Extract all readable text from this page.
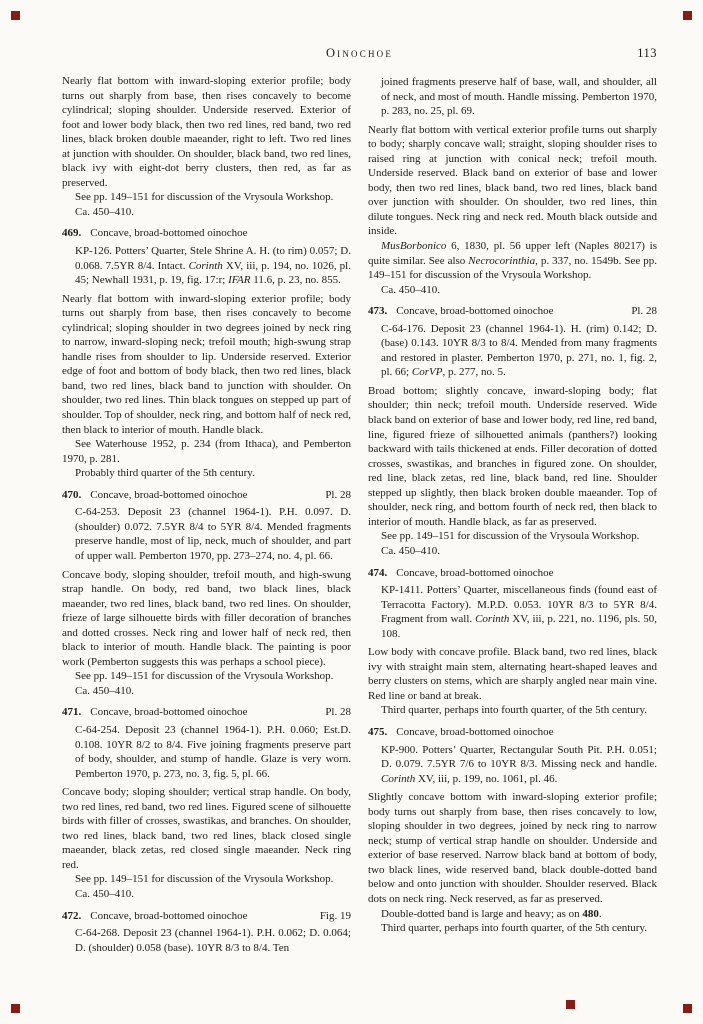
Oinochoe	113

Nearly flat bottom with inward-sloping exterior profile; body turns out sharply from base, then rises concavely to become cylindrical; sloping shoulder. Underside reserved. Exterior of foot and lower body black, then two red lines, red band, two red lines, black broken double maeander, right to left. Two red lines at junction with shoulder. On shoulder, black band, two red lines, black ivy with eight-dot berry clusters, then red, as far as preserved.

See pp. 149–151 for discussion of the Vrysoula Workshop.

Ca. 450–410.

469. Concave, broad-bottomed oinochoe

KP-126. Potters’ Quarter, Stele Shrine A. H. (to rim) 0.057; D. 0.068. 7.5YR 8/4. Intact. Corinth XV, iii, p. 194, no. 1026, pl. 45; Newhall 1931, p. 19, fig. 17:r; IFAR 11.6, p. 23, no. 855.

Nearly flat bottom with inward-sloping exterior profile; body turns out sharply from base, then rises concavely to become cylindrical; sloping shoulder in two degrees joined by neck ring to narrow, inward-sloping neck; trefoil mouth; high-swung strap handle rises from shoulder to lip. Underside reserved. Exterior edge of foot and bottom of body black, then two red lines, black band, two red lines, black band to junction with shoulder. On shoulder, two red lines. Thin black tongues on stepped up part of shoulder. Top of shoulder, neck ring, and bottom half of neck red, then black to interior of mouth. Handle black.

See Waterhouse 1952, p. 234 (from Ithaca), and Pemberton 1970, p. 281.

Probably third quarter of the 5th century.

470. Concave, broad-bottomed oinochoe	Pl. 28

C-64-253. Deposit 23 (channel 1964-1). P.H. 0.097. D. (shoulder) 0.072. 7.5YR 8/4 to 5YR 8/4. Mended fragments preserve handle, most of lip, neck, much of shoulder, and part of upper wall. Pemberton 1970, pp. 273–274, no. 4, pl. 66.

Concave body, sloping shoulder, trefoil mouth, and high-swung strap handle. On body, red band, two black lines, black maeander, two red lines, black band, two red lines. On shoulder, frieze of large silhouette birds with filler decoration of branches and dotted crosses. Neck ring and lower half of neck red, then black to interior of mouth. Handle black. The painting is poor work (Pemberton suggests this was perhaps a school piece).

See pp. 149–151 for discussion of the Vrysoula Workshop.

Ca. 450–410.

471. Concave, broad-bottomed oinochoe	Pl. 28

C-64-254. Deposit 23 (channel 1964-1). P.H. 0.060; Est.D. 0.108. 10YR 8/2 to 8/4. Five joining fragments preserve part of body, shoulder, and stump of handle. Glaze is very worn. Pemberton 1970, p. 273, no. 3, fig. 5, pl. 66.

Concave body; sloping shoulder; vertical strap handle. On body, two red lines, red band, two red lines. Figured scene of silhouette birds with filler of crosses, swastikas, and branches. On shoulder, two red lines, black band, two red lines, black closed single maeander, black zetas, red closed single maeander. Neck ring red.

See pp. 149–151 for discussion of the Vrysoula Workshop.

Ca. 450–410.

472. Concave, broad-bottomed oinochoe	Fig. 19

C-64-268. Deposit 23 (channel 1964-1). P.H. 0.062; D. 0.064; D. (shoulder) 0.058 (base). 10YR 8/3 to 8/4. Ten

joined fragments preserve half of base, wall, and shoulder, all of neck, and most of mouth. Handle missing. Pemberton 1970, p. 283, no. 25, pl. 69.

Nearly flat bottom with vertical exterior profile turns out sharply to body; sharply concave wall; straight, sloping shoulder rises to raised ring at junction with conical neck; trefoil mouth. Underside reserved. Black band on exterior of base and lower body, then two red lines, black band, two red lines, black band over junction with shoulder. On shoulder, two red lines, thin dilute tongues. Neck ring and neck red. Mouth black outside and inside.

MusBorbonico 6, 1830, pl. 56 upper left (Naples 80217) is quite similar. See also Necrocorinthia, p. 337, no. 1549b. See pp. 149–151 for discussion of the Vrysoula Workshop.

Ca. 450–410.

473. Concave, broad-bottomed oinochoe	Pl. 28

C-64-176. Deposit 23 (channel 1964-1). H. (rim) 0.142; D. (base) 0.143. 10YR 8/3 to 8/4. Mended from many fragments and restored in plaster. Pemberton 1970, p. 271, no. 1, fig. 2, pl. 66; CorVP, p. 277, no. 5.

Broad bottom; slightly concave, inward-sloping body; flat shoulder; thin neck; trefoil mouth. Underside reserved. Wide black band on exterior of base and lower body, red line, red band, line, figured frieze of silhouetted animals (panthers?) looking backward with tails thickened at ends. Filler decoration of dotted crosses, swastikas, and branches in figured zone. On shoulder, red line, black zetas, red line, black band, red line. Shoulder stepped up slightly, then black broken double maeander. Top of shoulder, neck ring, and bottom fourth of neck red, then black to interior of mouth. Handle black, as far as preserved.

See pp. 149–151 for discussion of the Vrysoula Workshop.

Ca. 450–410.

474. Concave, broad-bottomed oinochoe

KP-1411. Potters’ Quarter, miscellaneous finds (found east of Terracotta Factory). M.P.D. 0.053. 10YR 8/3 to 5YR 8/4. Fragment from wall. Corinth XV, iii, p. 221, no. 1196, pls. 50, 108.

Low body with concave profile. Black band, two red lines, black ivy with straight main stem, alternating heart-shaped leaves and berry clusters on stems, which are sharply angled near main vine. Red line or band at break.

Third quarter, perhaps into fourth quarter, of the 5th century.

475. Concave, broad-bottomed oinochoe

KP-900. Potters’ Quarter, Rectangular South Pit. P.H. 0.051; D. 0.079. 7.5YR 7/6 to 10YR 8/3. Missing neck and handle. Corinth XV, iii, p. 199, no. 1061, pl. 46.

Slightly concave bottom with inward-sloping exterior profile; body turns out sharply from base, then rises concavely to low, sloping shoulder in two degrees, joined by neck ring to narrow neck; stump of vertical strap handle on shoulder. Underside and exterior of base reserved. Narrow black band at bottom of body, two black lines, wide reserved band, black double-dotted band below and onto junction with shoulder. Shoulder reserved. Black dots on neck ring. Neck reserved, as far as preserved.

Double-dotted band is large and heavy; as on 480.

Third quarter, perhaps into fourth quarter, of the 5th century.
